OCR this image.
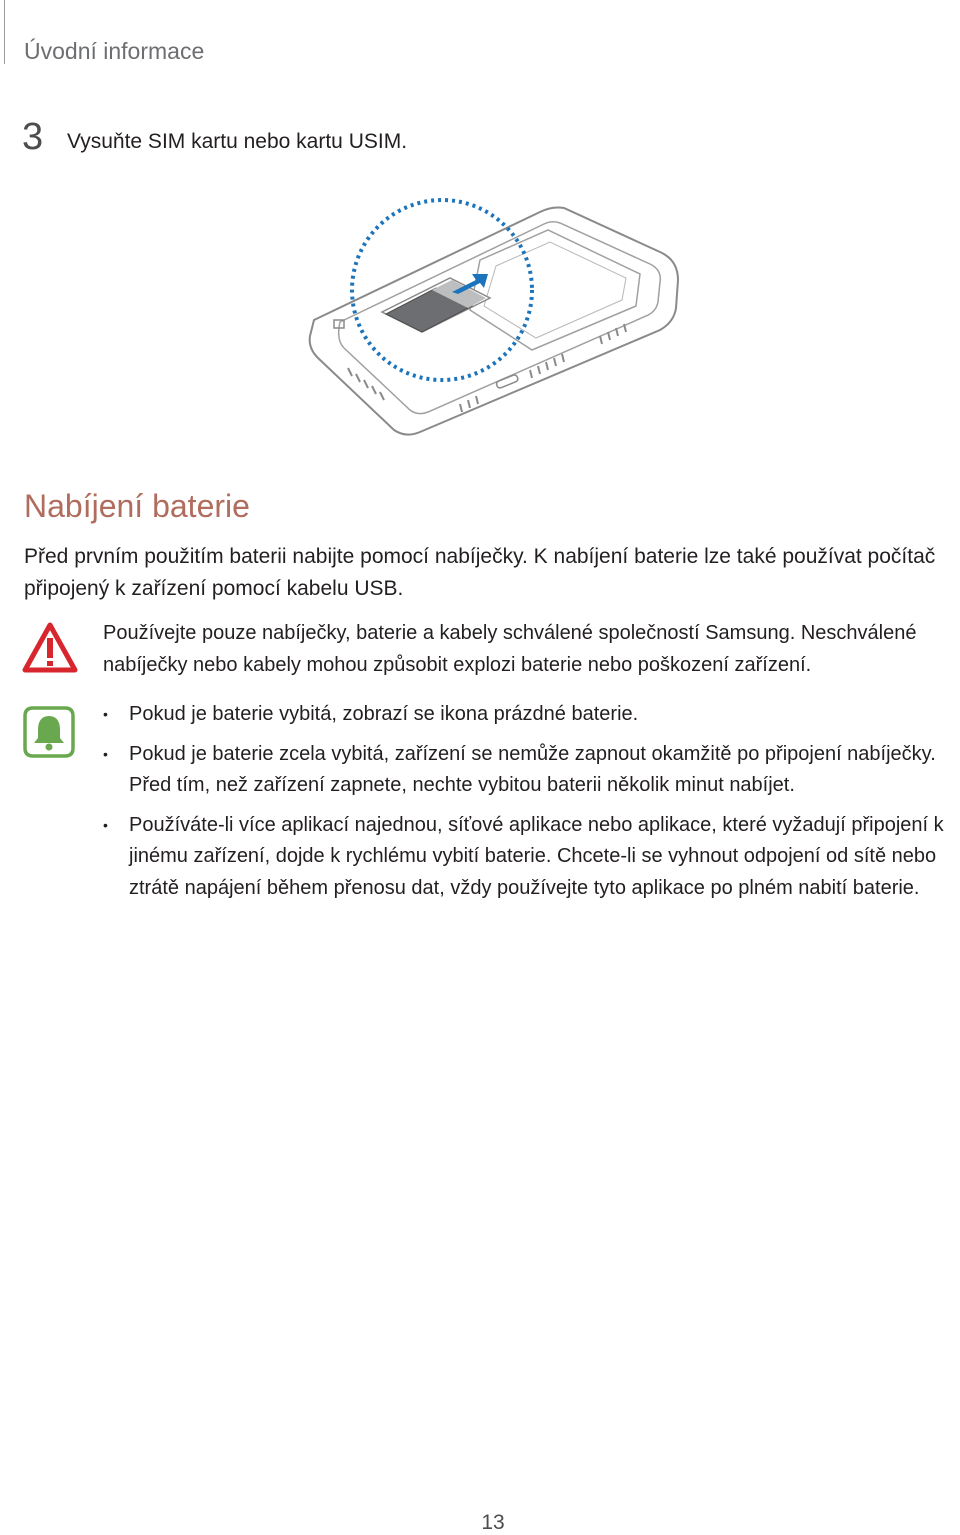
Úvodní informace
3 Vysuňte SIM kartu nebo kartu USIM.
Nabíjení baterie
Před prvním použitím baterii nabijte pomocí nabíječky. K nabíjení baterie lze také používat počítač připojený k zařízení pomocí kabelu USB.
Používejte pouze nabíječky, baterie a kabely schválené společností Samsung. Neschválené nabíječky nebo kabely mohou způsobit explozi baterie nebo poškození zařízení.
• Pokud je baterie vybitá, zobrazí se ikona prázdné baterie.
• Pokud je baterie zcela vybitá, zařízení se nemůže zapnout okamžitě po připojení nabíječky. Před tím, než zařízení zapnete, nechte vybitou baterii několik minut nabíjet.
• Používáte-li více aplikací najednou, síťové aplikace nebo aplikace, které vyžadují připojení k jinému zařízení, dojde k rychlému vybití baterie. Chcete-li se vyhnout odpojení od sítě nebo ztrátě napájení během přenosu dat, vždy používejte tyto aplikace po plném nabití baterie.
13
